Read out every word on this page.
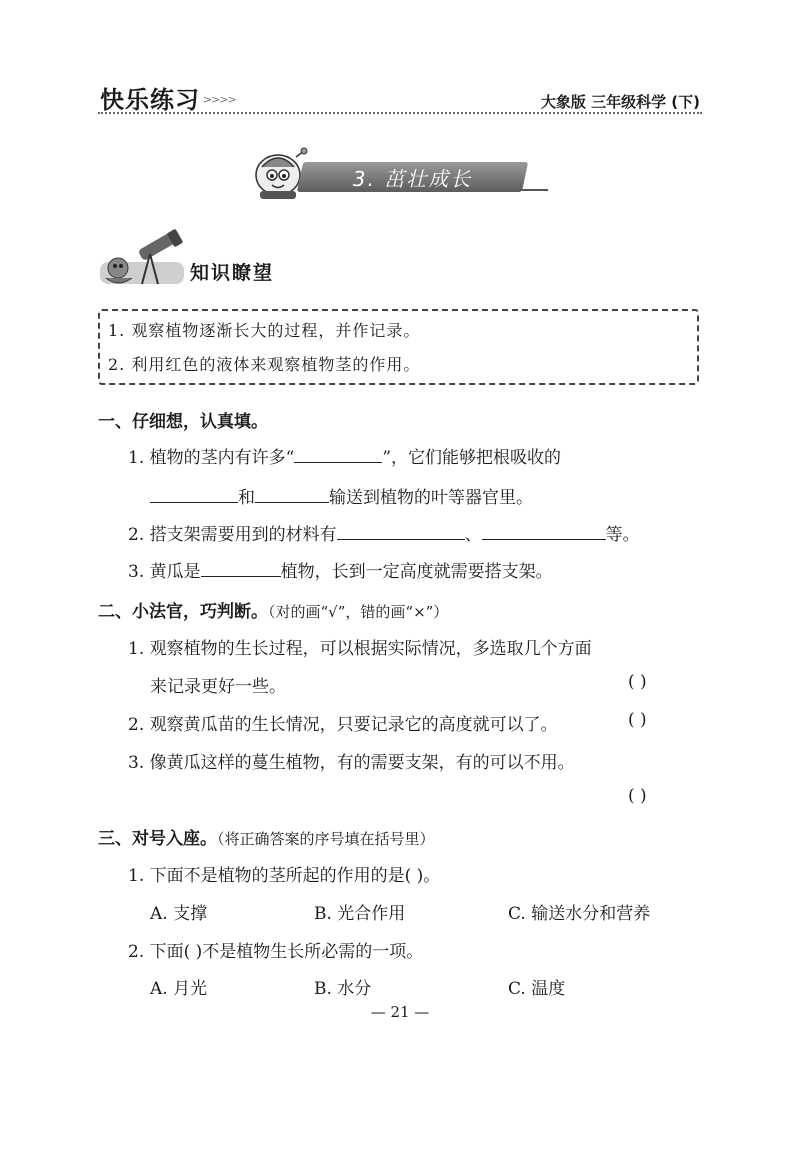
快乐练习 >>>>	大象版 三年级科学 (下)
3. 茁壮成长
知识瞭望
1. 观察植物逐渐长大的过程，并作记录。
2. 利用红色的液体来观察植物茎的作用。
一、仔细想，认真填。
1. 植物的茎内有许多“	”，它们能够把根吸收的
和	输送到植物的叶等器官里。
2. 搭支架需要用到的材料有	、	等。
3. 黄瓜是	植物，长到一定高度就需要搭支架。
二、小法官，巧判断。（对的画“√”，错的画“×”）
1. 观察植物的生长过程，可以根据实际情况，多选取几个方面
来记录更好一些。	( )
2. 观察黄瓜苗的生长情况，只要记录它的高度就可以了。	( )
3. 像黄瓜这样的蔓生植物，有的需要支架，有的可以不用。
( )
三、对号入座。（将正确答案的序号填在括号里）
1. 下面不是植物的茎所起的作用的是( )。
A. 支撑	B. 光合作用	C. 输送水分和营养
2. 下面( )不是植物生长所必需的一项。
A. 月光	B. 水分	C. 温度
— 21 —
